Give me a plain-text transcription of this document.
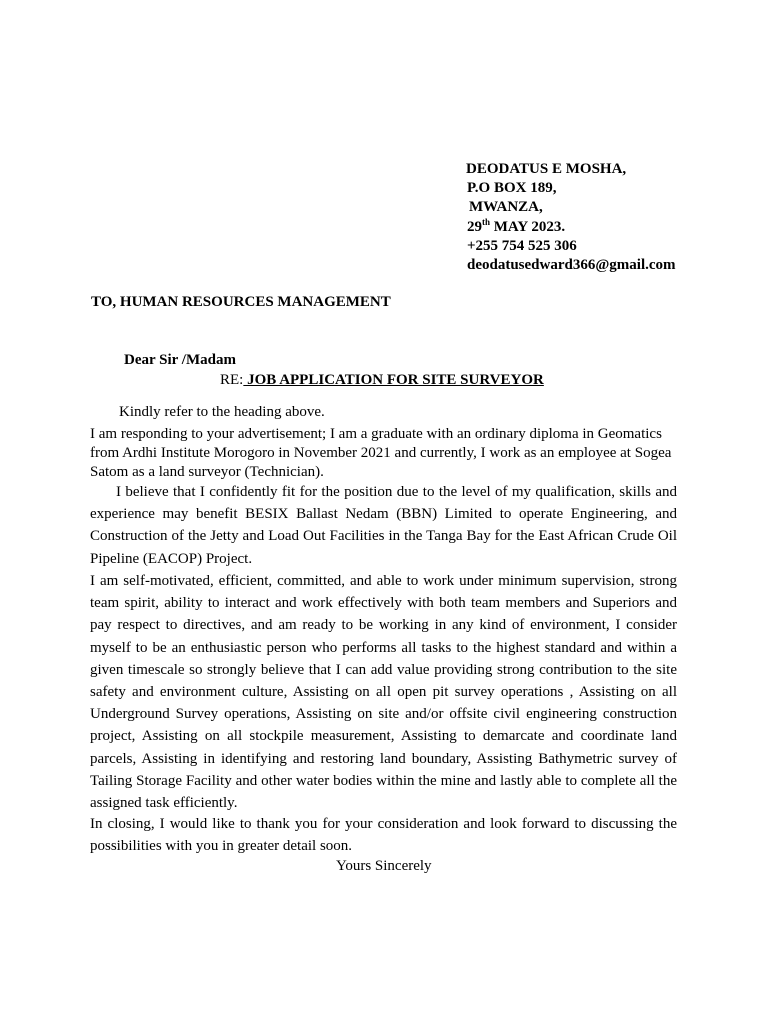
DEODATUS E MOSHA,
P.O BOX 189,
MWANZA,
29th MAY 2023.
+255 754 525 306
deodatusedward366@gmail.com
TO, HUMAN RESOURCES MANAGEMENT
Dear Sir /Madam
RE: JOB APPLICATION FOR SITE SURVEYOR
Kindly refer to the heading above.
I am responding to your advertisement; I am a graduate with an ordinary diploma in Geomatics from Ardhi Institute Morogoro in November 2021 and currently, I work as an employee at Sogea Satom as a land surveyor (Technician).
I believe that I confidently fit for the position due to the level of my qualification, skills and experience may benefit BESIX Ballast Nedam (BBN) Limited to operate Engineering, and Construction of the Jetty and Load Out Facilities in the Tanga Bay for the East African Crude Oil Pipeline (EACOP) Project.
I am self-motivated, efficient, committed, and able to work under minimum supervision, strong team spirit, ability to interact and work effectively with both team members and Superiors and pay respect to directives, and am ready to be working in any kind of environment, I consider myself to be an enthusiastic person who performs all tasks to the highest standard and within a given timescale so strongly believe that I can add value providing strong contribution to the site safety and environment culture, Assisting on all open pit survey operations , Assisting on all Underground Survey operations, Assisting on site and/or offsite civil engineering construction project, Assisting on all stockpile measurement, Assisting to demarcate and coordinate land parcels, Assisting in identifying and restoring land boundary, Assisting Bathymetric survey of Tailing Storage Facility and other water bodies within the mine and lastly able to complete all the assigned task efficiently.
In closing, I would like to thank you for your consideration and look forward to discussing the possibilities with you in greater detail soon.
Yours Sincerely
